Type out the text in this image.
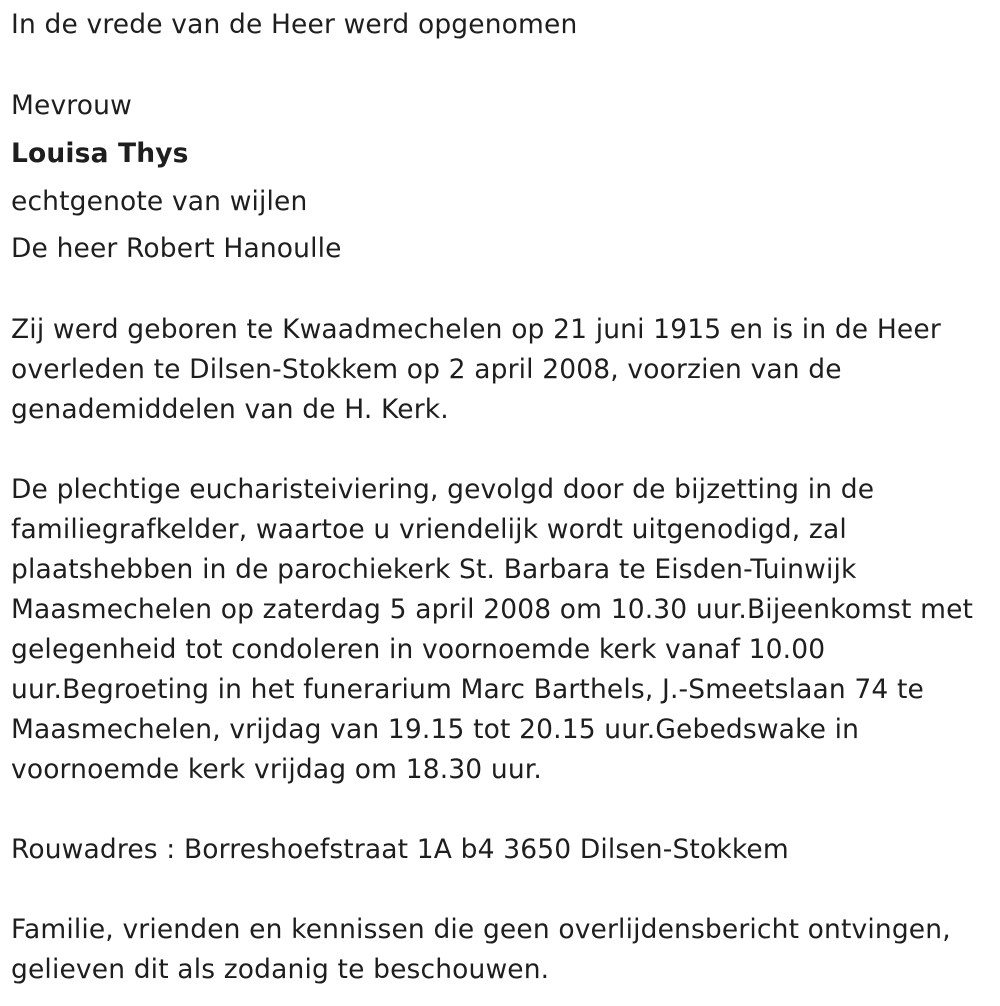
In de vrede van de Heer werd opgenomen
Mevrouw
Louisa Thys
echtgenote van wijlen
De heer Robert Hanoulle
Zij werd geboren te Kwaadmechelen op 21 juni 1915 en is in de Heer
overleden te Dilsen-Stokkem op 2 april 2008, voorzien van de
genademiddelen van de H. Kerk.
De plechtige eucharisteiviering, gevolgd door de bijzetting in de
familiegrafkelder, waartoe u vriendelijk wordt uitgenodigd, zal
plaatshebben in de parochiekerk St. Barbara te Eisden-Tuinwijk
Maasmechelen op zaterdag 5 april 2008 om 10.30 uur.Bijeenkomst met
gelegenheid tot condoleren in voornoemde kerk vanaf 10.00
uur.Begroeting in het funerarium Marc Barthels, J.-Smeetslaan 74 te
Maasmechelen, vrijdag van 19.15 tot 20.15 uur.Gebedswake in
voornoemde kerk vrijdag om 18.30 uur.
Rouwadres : Borreshoefstraat 1A b4 3650 Dilsen-Stokkem
Familie, vrienden en kennissen die geen overlijdensbericht ontvingen,
gelieven dit als zodanig te beschouwen.
